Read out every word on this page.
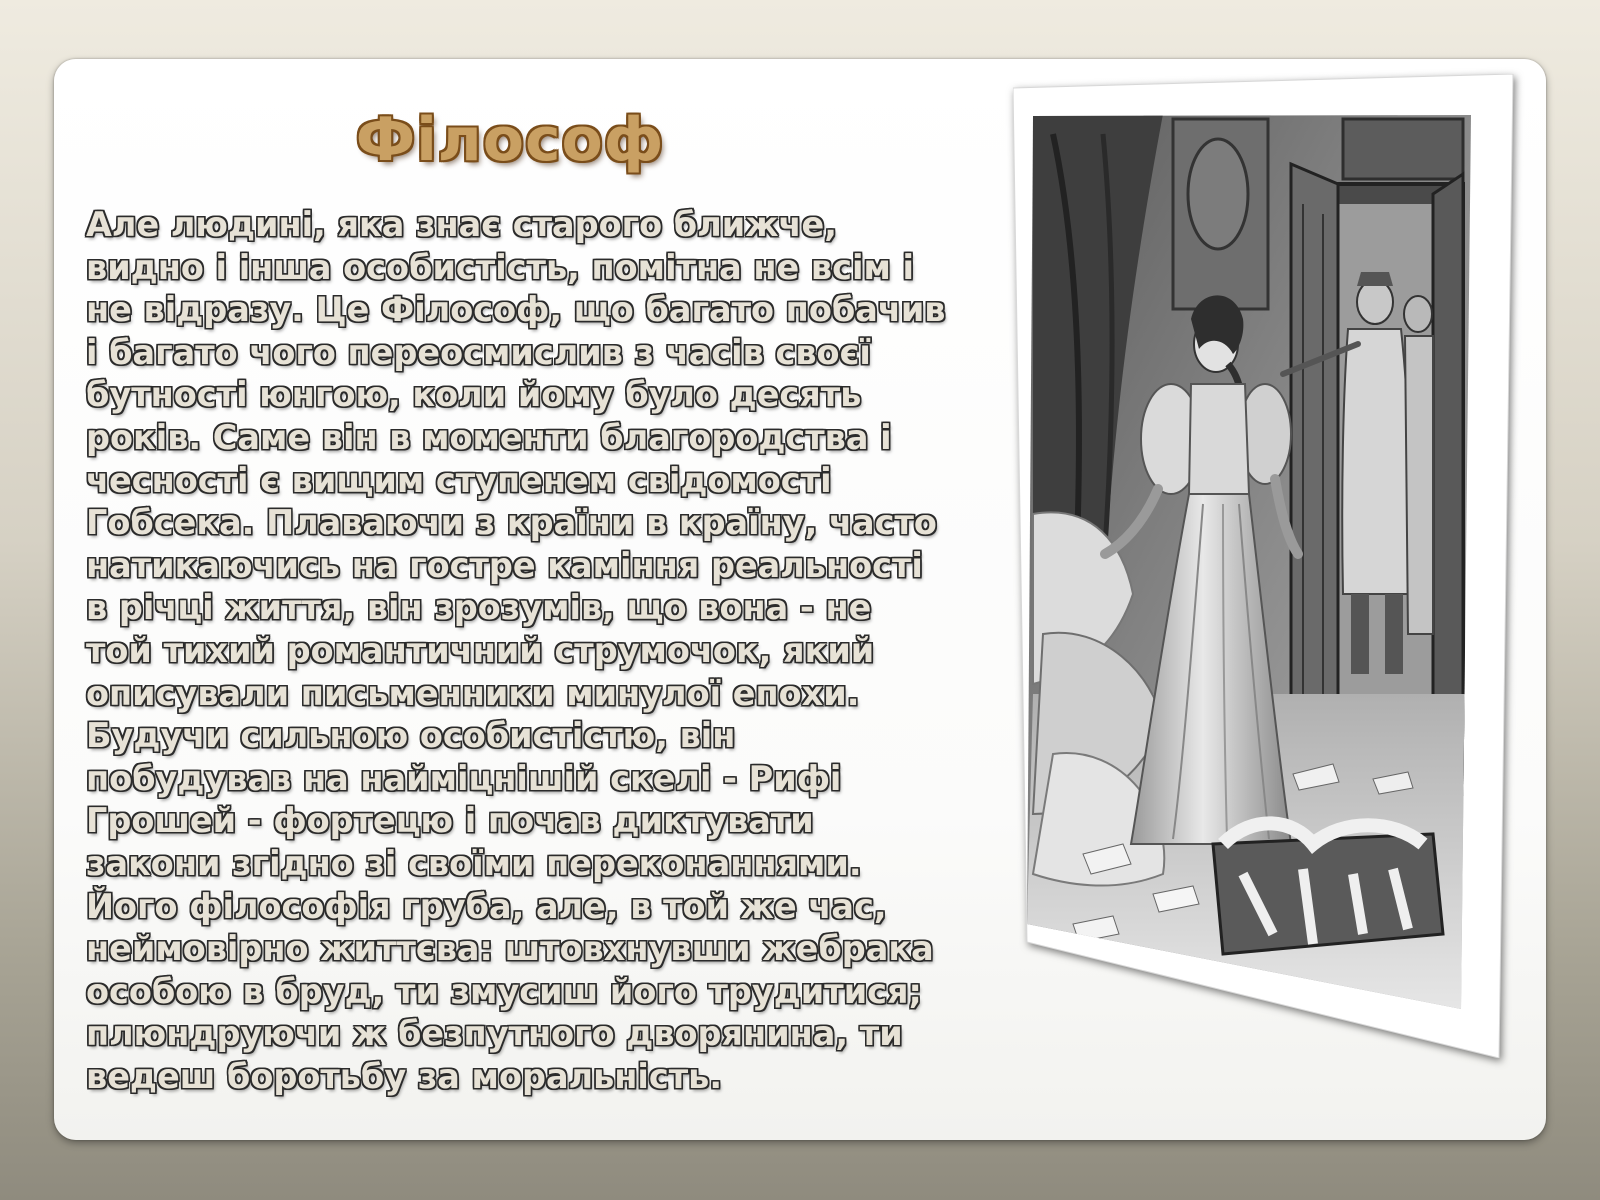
Філософ
Але людині, яка знає старого ближче,
видно і інша особистість, помітна не всім і
не відразу. Це Філософ, що багато побачив
і багато чого переосмислив з часів своєї
бутності юнгою, коли йому було десять
років. Саме він в моменти благородства і
чесності є вищим ступенем свідомості
Гобсека. Плаваючи з країни в країну, часто
натикаючись на гостре каміння реальності
в річці життя, він зрозумів, що вона - не
той тихий романтичний струмочок, який
описували письменники минулої епохи.
Будучи сильною особистістю, він
побудував на найміцнішій скелі - Рифі
Грошей - фортецю і почав диктувати
закони згідно зі своїми переконаннями.
Його філософія груба, але, в той же час,
неймовірно життєва: штовхнувши жебрака
особою в бруд, ти змусиш його трудитися;
плюндруючи ж безпутного дворянина, ти
ведеш боротьбу за моральність.
